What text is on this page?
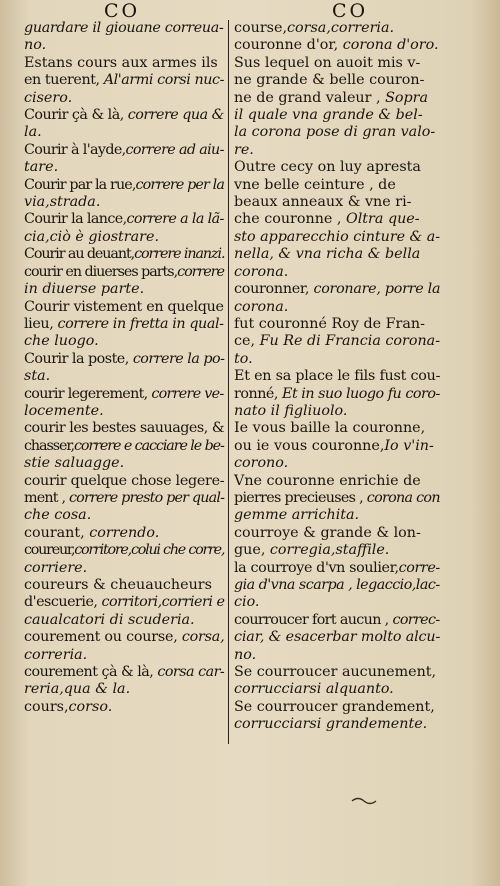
CO	CO
guardare il giouane correua-
no.
Estans cours aux armes ils
en tuerent, Al'armi corsi nuc-
cisero.
Courir çà & là, correre qua &
la.
Courir à l'ayde,correre ad aiu-
tare.
Courir par la rue,correre per la
via,strada.
Courir la lance,correre a la lã-
cia,ciò è giostrare.
Courir au deuant,correre inanzi.
courir en diuerses parts,correre
in diuerse parte.
Courir vistement en quelque
lieu, correre in fretta in qual-
che luogo.
Courir la poste, correre la po-
sta.
courir legerement, correre ve-
locemente.
courir les bestes sauuages, &
chasser,correre e cacciare le be-
stie saluagge.
courir quelque chose legere-
ment , correre presto per qual-
che cosa.
courant, correndo.
coureur,corritore,colui che corre,
corriere.
coureurs & cheuaucheurs
d'escuerie, corritori,corrieri e
caualcatori di scuderia.
courement ou course, corsa,
correria.
courement çà & là, corsa car-
reria,qua & la.
cours,corso.
course,corsa,correria.
couronne d'or, corona d'oro.
Sus lequel on auoit mis v-
ne grande & belle couron-
ne de grand valeur , Sopra
il quale vna grande & bel-
la corona pose di gran valo-
re.
Outre cecy on luy apresta
vne belle ceinture , de
beaux anneaux & vne ri-
che couronne , Oltra que-
sto apparecchio cinture & a-
nella, & vna richa & bella
corona.
couronner, coronare, porre la
corona.
fut couronné Roy de Fran-
ce, Fu Re di Francia corona-
to.
Et en sa place le fils fust cou-
ronné, Et in suo luogo fu coro-
nato il figliuolo.
Ie vous baille la couronne,
ou ie vous couronne,Io v'in-
corono.
Vne couronne enrichie de
pierres precieuses , corona con
gemme arrichita.
courroye & grande & lon-
gue, corregia,staffile.
la courroye d'vn soulier,corre-
gia d'vna scarpa , legaccio,lac-
cio.
courroucer fort aucun , correc-
ciar, & esacerbar molto alcu-
no.
Se courroucer aucunement,
corrucciarsi alquanto.
Se courroucer grandement,
corrucciarsi grandemente.
